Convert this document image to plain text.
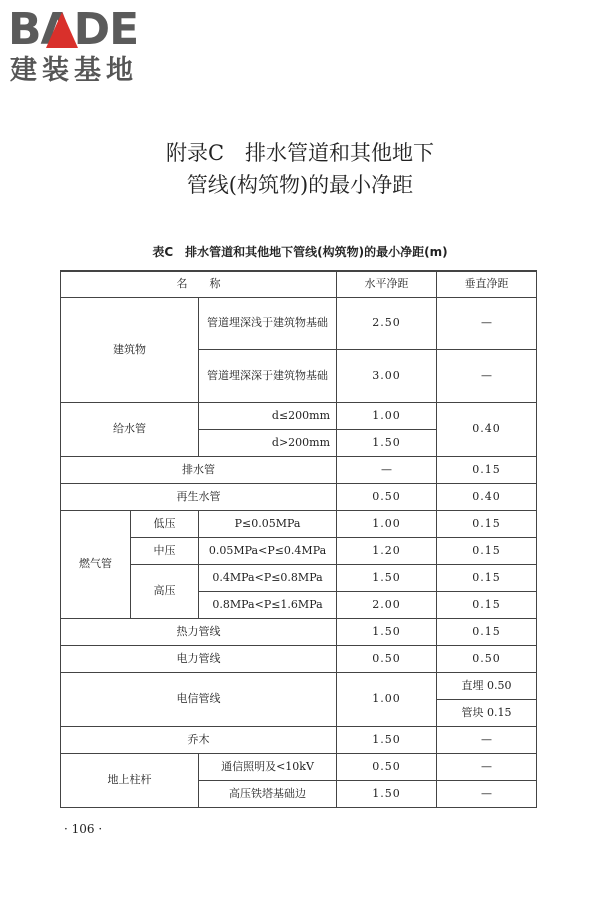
BADE
建装基地
附录C　排水管道和其他地下
管线(构筑物)的最小净距
表C　排水管道和其他地下管线(构筑物)的最小净距(m)
名　　称			水平净距	垂直净距
建筑物		管道埋深浅于建筑物基础	2.50	—
		管道埋深深于建筑物基础	3.00	—
给水管		d≤200mm	1.00	0.40
		d>200mm	1.50	
排水管			—	0.15
再生水管			0.50	0.40
燃气管	低压	P≤0.05MPa	1.00	0.15
	中压	0.05MPa<P≤0.4MPa	1.20	0.15
	高压	0.4MPa<P≤0.8MPa	1.50	0.15
		0.8MPa<P≤1.6MPa	2.00	0.15
热力管线			1.50	0.15
电力管线			0.50	0.50
电信管线			1.00	直埋 0.50
				管块 0.15
乔木			1.50	—
地上柱杆		通信照明及<10kV	0.50	—
		高压铁塔基础边	1.50	—
· 106 ·
